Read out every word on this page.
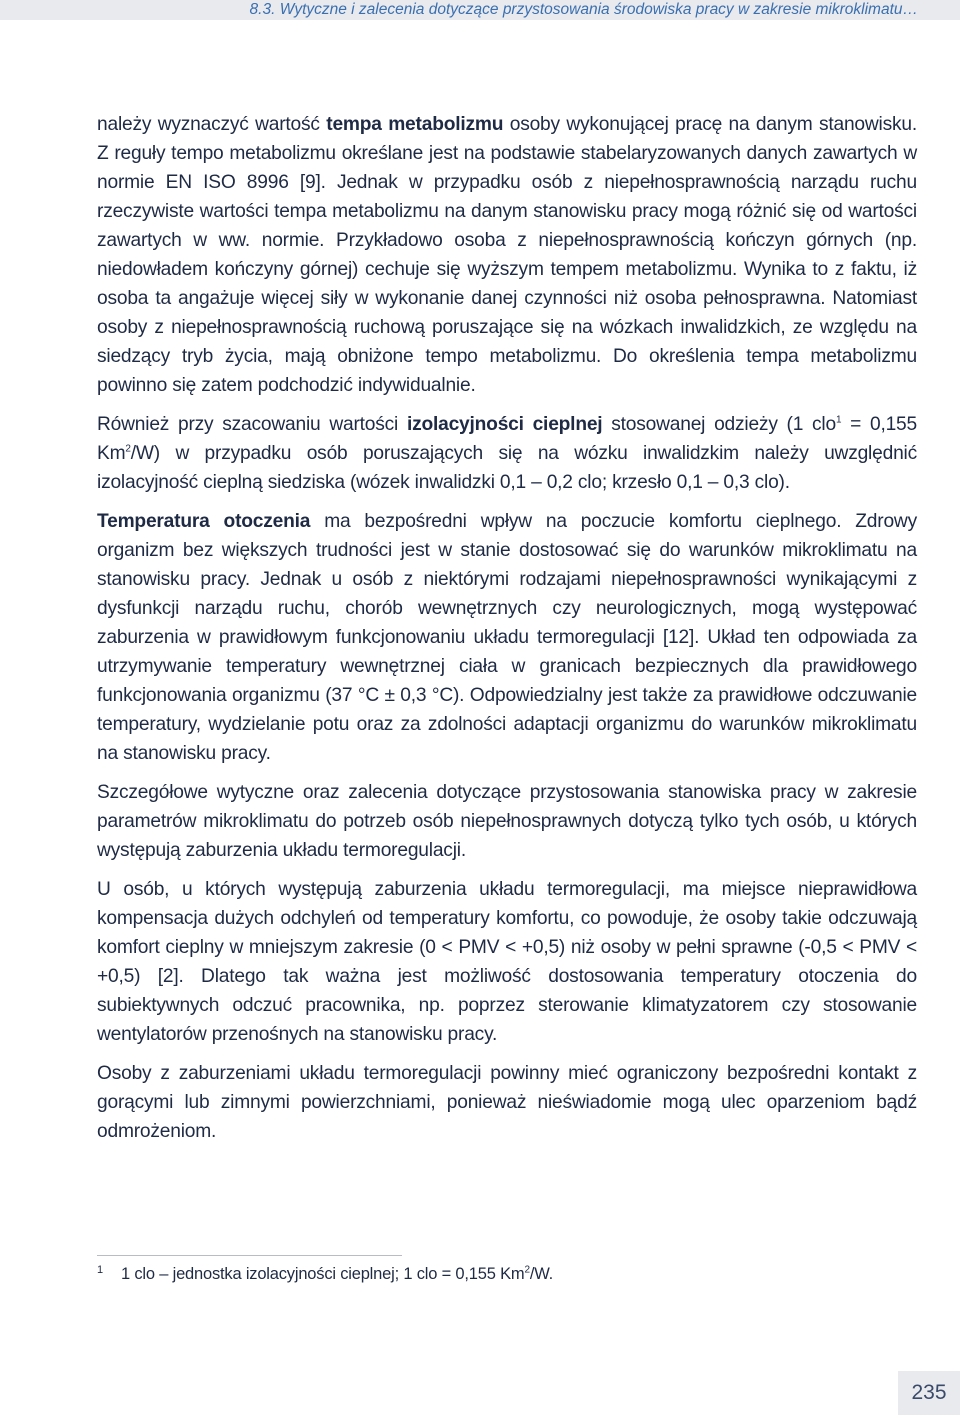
8.3. Wytyczne i zalecenia dotyczące przystosowania środowiska pracy w zakresie mikroklimatu…

należy wyznaczyć wartość tempa metabolizmu osoby wykonującej pracę na danym stanowisku. Z reguły tempo metabolizmu określane jest na podstawie stabelaryzowanych danych zawartych w normie EN ISO 8996 [9]. Jednak w przypadku osób z niepełnosprawnością narządu ruchu rzeczywiste wartości tempa metabolizmu na danym stanowisku pracy mogą różnić się od wartości zawartych w ww. normie. Przykładowo osoba z niepełnosprawnością kończyn górnych (np. niedowładem kończyny górnej) cechuje się wyższym tempem metabolizmu. Wynika to z faktu, iż osoba ta angażuje więcej siły w wykonanie danej czynności niż osoba pełnosprawna. Natomiast osoby z niepełnosprawnością ruchową poruszające się na wózkach inwalidzkich, ze względu na siedzący tryb życia, mają obniżone tempo metabolizmu. Do określenia tempa metabolizmu powinno się zatem podchodzić indywidualnie.

Również przy szacowaniu wartości izolacyjności cieplnej stosowanej odzieży (1 clo$^1$ = 0,155 Km$^2$/W) w przypadku osób poruszających się na wózku inwalidzkim należy uwzględnić izolacyjność cieplną siedziska (wózek inwalidzki 0,1 – 0,2 clo; krzesło 0,1 – 0,3 clo).

Temperatura otoczenia ma bezpośredni wpływ na poczucie komfortu cieplnego. Zdrowy organizm bez większych trudności jest w stanie dostosować się do warunków mikroklimatu na stanowisku pracy. Jednak u osób z niektórymi rodzajami niepełnosprawności wynikającymi z dysfunkcji narządu ruchu, chorób wewnętrznych czy neurologicznych, mogą występować zaburzenia w prawidłowym funkcjonowaniu układu termoregulacji [12]. Układ ten odpowiada za utrzymywanie temperatury wewnętrznej ciała w granicach bezpiecznych dla prawidłowego funkcjonowania organizmu (37 °C ± 0,3 °C). Odpowiedzialny jest także za prawidłowe odczuwanie temperatury, wydzielanie potu oraz za zdolności adaptacji organizmu do warunków mikroklimatu na stanowisku pracy.

Szczegółowe wytyczne oraz zalecenia dotyczące przystosowania stanowiska pracy w zakresie parametrów mikroklimatu do potrzeb osób niepełnosprawnych dotyczą tylko tych osób, u których występują zaburzenia układu termoregulacji.

U osób, u których występują zaburzenia układu termoregulacji, ma miejsce nieprawidłowa kompensacja dużych odchyleń od temperatury komfortu, co powoduje, że osoby takie odczuwają komfort cieplny w mniejszym zakresie (0 < PMV < +0,5) niż osoby w pełni sprawne (-0,5 < PMV < +0,5) [2]. Dlatego tak ważna jest możliwość dostosowania temperatury otoczenia do subiektywnych odczuć pracownika, np. poprzez sterowanie klimatyzatorem czy stosowanie wentylatorów przenośnych na stanowisku pracy.

Osoby z zaburzeniami układu termoregulacji powinny mieć ograniczony bezpośredni kontakt z gorącymi lub zimnymi powierzchniami, ponieważ nieświadomie mogą ulec oparzeniom bądź odmrożeniom.

1 1 clo – jednostka izolacyjności cieplnej; 1 clo = 0,155 Km$^2$/W.
235
